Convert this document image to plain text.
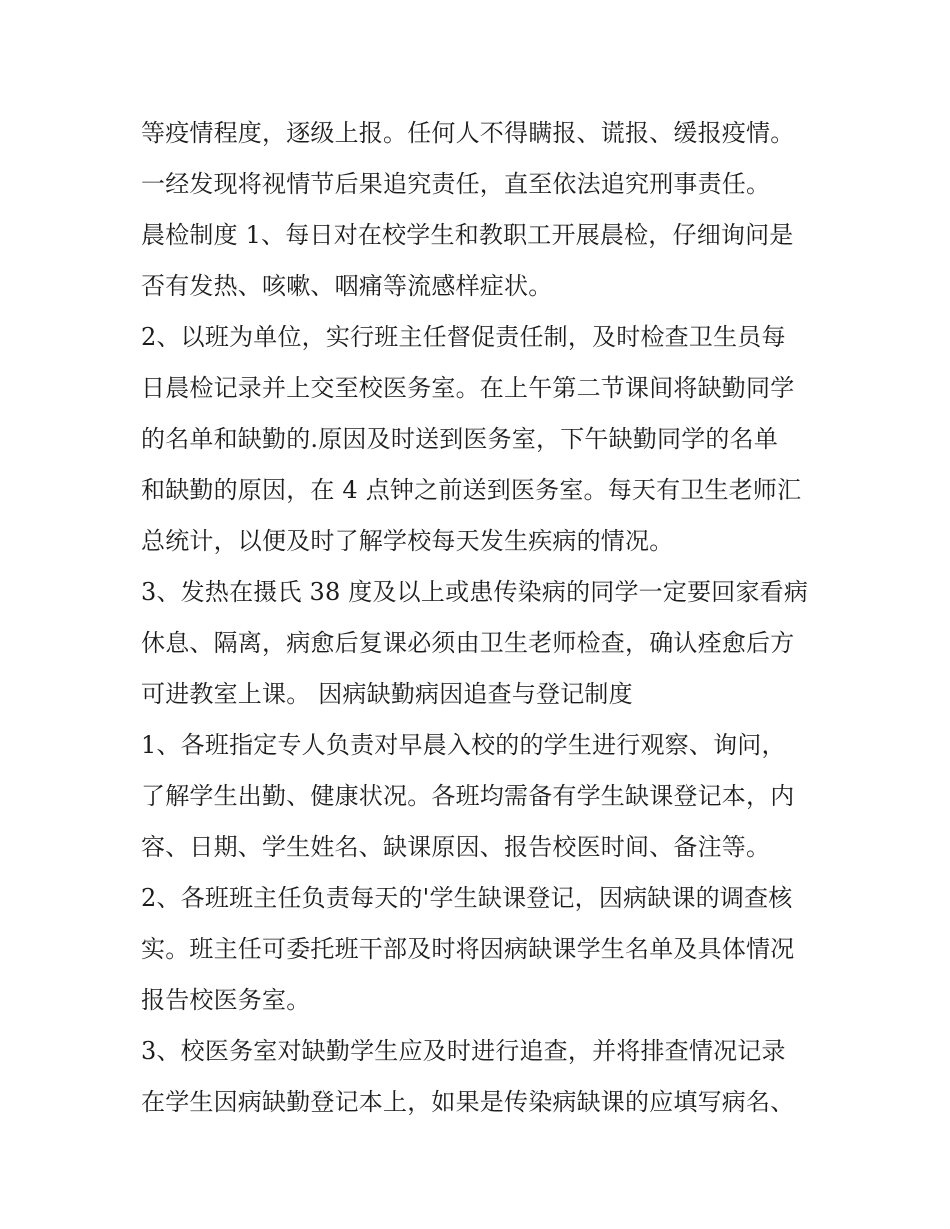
等疫情程度，逐级上报。任何人不得瞒报、谎报、缓报疫情。
一经发现将视情节后果追究责任，直至依法追究刑事责任。
晨检制度 1、每日对在校学生和教职工开展晨检，仔细询问是
否有发热、咳嗽、咽痛等流感样症状。
2、以班为单位，实行班主任督促责任制，及时检查卫生员每
日晨检记录并上交至校医务室。在上午第二节课间将缺勤同学
的名单和缺勤的.原因及时送到医务室，下午缺勤同学的名单
和缺勤的原因，在 4 点钟之前送到医务室。每天有卫生老师汇
总统计，以便及时了解学校每天发生疾病的情况。
3、发热在摄氏 38 度及以上或患传染病的同学一定要回家看病
休息、隔离，病愈后复课必须由卫生老师检查，确认痊愈后方
可进教室上课。 因病缺勤病因追查与登记制度
1、各班指定专人负责对早晨入校的的学生进行观察、询问，
了解学生出勤、健康状况。各班均需备有学生缺课登记本，内
容、日期、学生姓名、缺课原因、报告校医时间、备注等。
2、各班班主任负责每天的'学生缺课登记，因病缺课的调查核
实。班主任可委托班干部及时将因病缺课学生名单及具体情况
报告校医务室。
3、校医务室对缺勤学生应及时进行追查，并将排查情况记录
在学生因病缺勤登记本上，如果是传染病缺课的应填写病名、
